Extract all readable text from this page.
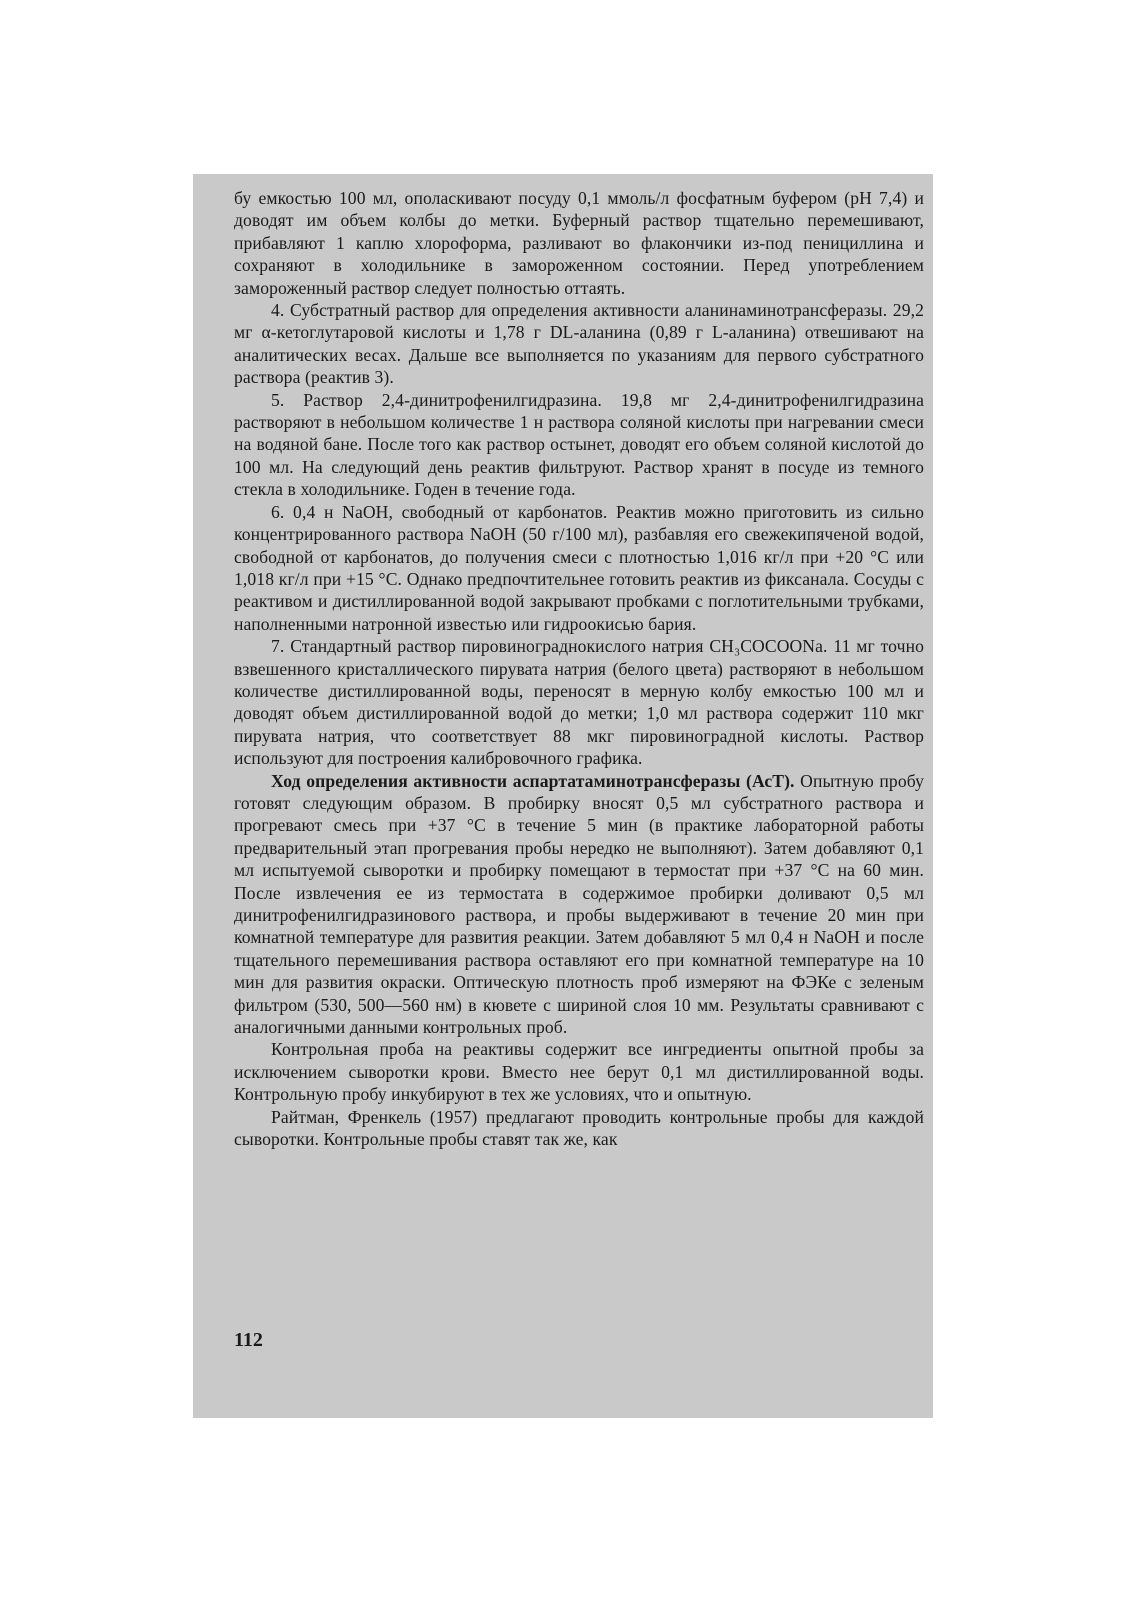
бу емкостью 100 мл, ополаскивают посуду 0,1 ммоль/л фосфатным буфером (pH 7,4) и доводят им объем колбы до метки. Буферный раствор тщательно перемешивают, прибавляют 1 каплю хлороформа, разливают во флакончики из-под пенициллина и сохраняют в холодильнике в замороженном состоянии. Перед употреблением замороженный раствор следует полностью оттаять.

4. Субстратный раствор для определения активности аланинаминотрансферазы. 29,2 мг α-кетоглутаровой кислоты и 1,78 г DL-аланина (0,89 г L-аланина) отвешивают на аналитических весах. Дальше все выполняется по указаниям для первого субстратного раствора (реактив 3).

5. Раствор 2,4-динитрофенилгидразина. 19,8 мг 2,4-динитрофенилгидразина растворяют в небольшом количестве 1 н раствора соляной кислоты при нагревании смеси на водяной бане. После того как раствор остынет, доводят его объем соляной кислотой до 100 мл. На следующий день реактив фильтруют. Раствор хранят в посуде из темного стекла в холодильнике. Годен в течение года.

6. 0,4 н NaOH, свободный от карбонатов. Реактив можно приготовить из сильно концентрированного раствора NaOH (50 г/100 мл), разбавляя его свежекипяченой водой, свободной от карбонатов, до получения смеси с плотностью 1,016 кг/л при +20 °С или 1,018 кг/л при +15 °С. Однако предпочтительнее готовить реактив из фиксанала. Сосуды с реактивом и дистиллированной водой закрывают пробками с поглотительными трубками, наполненными натронной известью или гидроокисью бария.

7. Стандартный раствор пировинограднокислого натрия CH₃COCOONa. 11 мг точно взвешенного кристаллического пирувата натрия (белого цвета) растворяют в небольшом количестве дистиллированной воды, переносят в мерную колбу емкостью 100 мл и доводят объем дистиллированной водой до метки; 1,0 мл раствора содержит 110 мкг пирувата натрия, что соответствует 88 мкг пировиноградной кислоты. Раствор используют для построения калибровочного графика.

Ход определения активности аспартатаминотрансферазы (АсТ). Опытную пробу готовят следующим образом. В пробирку вносят 0,5 мл субстратного раствора и прогревают смесь при +37 °С в течение 5 мин (в практике лабораторной работы предварительный этап прогревания пробы нередко не выполняют). Затем добавляют 0,1 мл испытуемой сыворотки и пробирку помещают в термостат при +37 °С на 60 мин. После извлечения ее из термостата в содержимое пробирки доливают 0,5 мл динитрофенилгидразинового раствора, и пробы выдерживают в течение 20 мин при комнатной температуре для развития реакции. Затем добавляют 5 мл 0,4 н NaOH и после тщательного перемешивания раствора оставляют его при комнатной температуре на 10 мин для развития окраски. Оптическую плотность проб измеряют на ФЭКе с зеленым фильтром (530, 500—560 нм) в кювете с шириной слоя 10 мм. Результаты сравнивают с аналогичными данными контрольных проб.

Контрольная проба на реактивы содержит все ингредиенты опытной пробы за исключением сыворотки крови. Вместо нее берут 0,1 мл дистиллированной воды. Контрольную пробу инкубируют в тех же условиях, что и опытную.

Райтман, Френкель (1957) предлагают проводить контрольные пробы для каждой сыворотки. Контрольные пробы ставят так же, как

112
